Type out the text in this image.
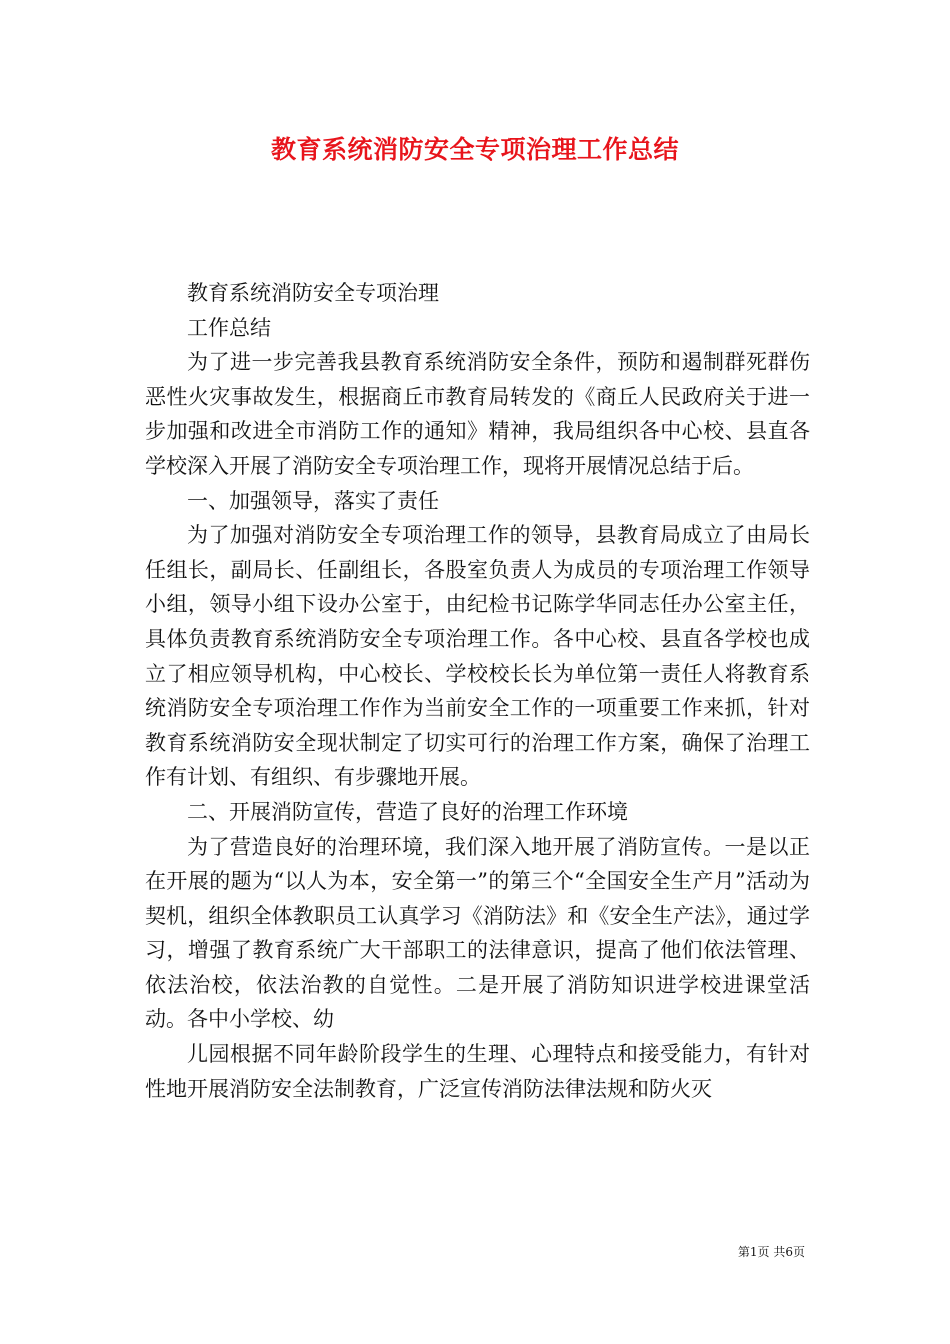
教育系统消防安全专项治理工作总结

教育系统消防安全专项治理

工作总结

为了进一步完善我县教育系统消防安全条件，预防和遏制群死群伤恶性火灾事故发生，根据商丘市教育局转发的《商丘人民政府关于进一步加强和改进全市消防工作的通知》精神，我局组织各中心校、县直各学校深入开展了消防安全专项治理工作，现将开展情况总结于后。

一、加强领导，落实了责任

为了加强对消防安全专项治理工作的领导，县教育局成立了由局长任组长，副局长、任副组长，各股室负责人为成员的专项治理工作领导小组，领导小组下设办公室于，由纪检书记陈学华同志任办公室主任，具体负责教育系统消防安全专项治理工作。各中心校、县直各学校也成立了相应领导机构，中心校长、学校校长长为单位第一责任人将教育系统消防安全专项治理工作作为当前安全工作的一项重要工作来抓，针对教育系统消防安全现状制定了切实可行的治理工作方案，确保了治理工作有计划、有组织、有步骤地开展。

二、开展消防宣传，营造了良好的治理工作环境

为了营造良好的治理环境，我们深入地开展了消防宣传。一是以正在开展的题为“以人为本，安全第一”的第三个“全国安全生产月”活动为契机，组织全体教职员工认真学习《消防法》和《安全生产法》，通过学习，增强了教育系统广大干部职工的法律意识，提高了他们依法管理、依法治校，依法治教的自觉性。二是开展了消防知识进学校进课堂活动。各中小学校、幼

儿园根据不同年龄阶段学生的生理、心理特点和接受能力，有针对性地开展消防安全法制教育，广泛宣传消防法律法规和防火灭

第1页 共6页
